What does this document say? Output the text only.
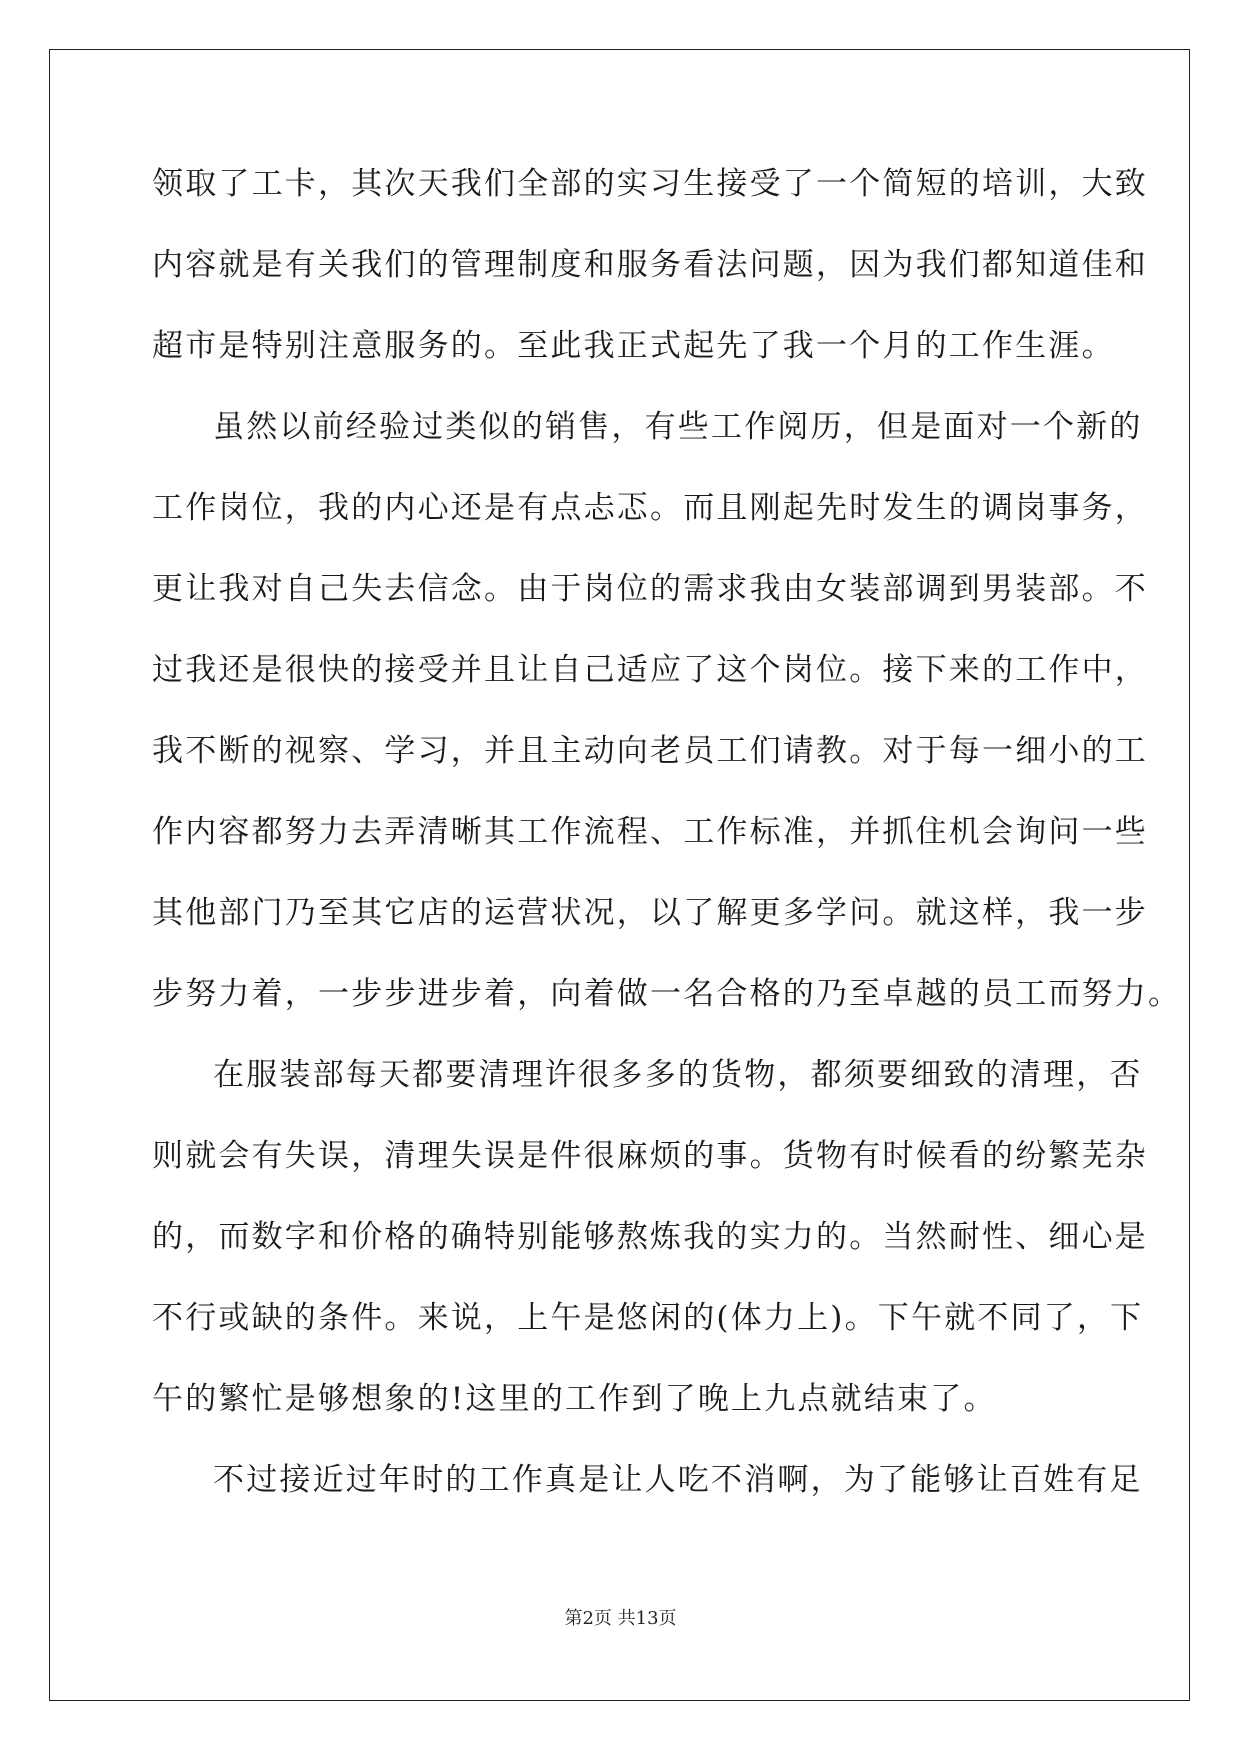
领取了工卡，其次天我们全部的实习生接受了一个简短的培训，大致
内容就是有关我们的管理制度和服务看法问题，因为我们都知道佳和
超市是特别注意服务的。至此我正式起先了我一个月的工作生涯。
虽然以前经验过类似的销售，有些工作阅历，但是面对一个新的
工作岗位，我的内心还是有点忐忑。而且刚起先时发生的调岗事务，
更让我对自己失去信念。由于岗位的需求我由女装部调到男装部。不
过我还是很快的接受并且让自己适应了这个岗位。接下来的工作中，
我不断的视察、学习，并且主动向老员工们请教。对于每一细小的工
作内容都努力去弄清晰其工作流程、工作标准，并抓住机会询问一些
其他部门乃至其它店的运营状况，以了解更多学问。就这样，我一步
步努力着，一步步进步着，向着做一名合格的乃至卓越的员工而努力。
在服装部每天都要清理许很多多的货物，都须要细致的清理，否
则就会有失误，清理失误是件很麻烦的事。货物有时候看的纷繁芜杂
的，而数字和价格的确特别能够熬炼我的实力的。当然耐性、细心是
不行或缺的条件。来说，上午是悠闲的(体力上)。下午就不同了，下
午的繁忙是够想象的!这里的工作到了晚上九点就结束了。
不过接近过年时的工作真是让人吃不消啊，为了能够让百姓有足
第2页 共13页
